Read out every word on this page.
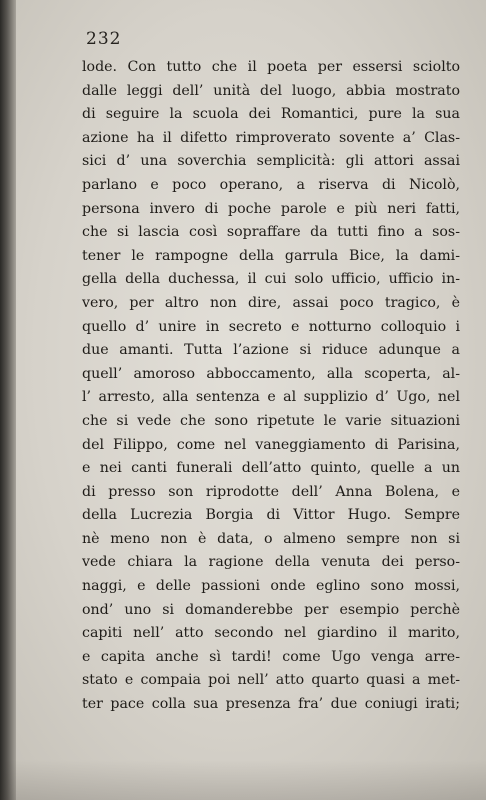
232
lode. Con tutto che il poeta per essersi sciolto
dalle leggi dell’ unità del luogo, abbia mostrato
di seguire la scuola dei Romantici, pure la sua
azione ha il difetto rimproverato sovente a’ Clas-
sici d’ una soverchia semplicità: gli attori assai
parlano e poco operano, a riserva di Nicolò,
persona invero di poche parole e più neri fatti,
che si lascia così sopraffare da tutti fino a sos-
tener le rampogne della garrula Bice, la dami-
gella della duchessa, il cui solo ufficio, ufficio in-
vero, per altro non dire, assai poco tragico, è
quello d’ unire in secreto e notturno colloquio i
due amanti. Tutta l’azione si riduce adunque a
quell’ amoroso abboccamento, alla scoperta, al-
l’ arresto, alla sentenza e al supplizio d’ Ugo, nel
che si vede che sono ripetute le varie situazioni
del Filippo, come nel vaneggiamento di Parisina,
e nei canti funerali dell’atto quinto, quelle a un
di presso son riprodotte dell’ Anna Bolena, e
della Lucrezia Borgia di Vittor Hugo. Sempre
nè meno non è data, o almeno sempre non si
vede chiara la ragione della venuta dei perso-
naggi, e delle passioni onde eglino sono mossi,
ond’ uno si domanderebbe per esempio perchè
capiti nell’ atto secondo nel giardino il marito,
e capita anche sì tardi! come Ugo venga arre-
stato e compaia poi nell’ atto quarto quasi a met-
ter pace colla sua presenza fra’ due coniugi irati;
